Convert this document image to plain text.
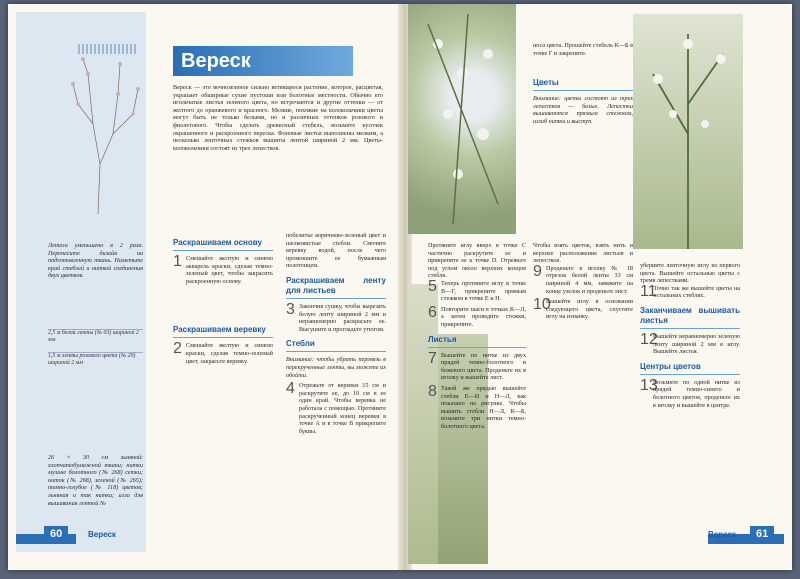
Летела уменьшено в 2 раза. Перенесите дизайн на подготовленную ткань. Наметьте край стеблей и ниткой соединения двух цветков.
2,5 м белой ленты (№ 03) шириной 2 мм
1,5 м ленты розового цвета (№ 20) шириной 2 мм
26 × 30 см льняной/хлопчатобумажной ткани; нитки мулине болотного (№ 268) сетки; ниток (№ 268), зеленой (№ 265); темно-голубое (№ 118) цветов; льняная и так нитки; игла для вышивания лентой №
Вереск
Вереск — это вечнозеленое сильно ветвящееся растение, которое, расцветая, украшает обширные сухие пустоши или болотные местности. Обычно его игольчатые листья зеленого цвета, но встречаются и другие оттенки — от желтого до оранжевого и красного. Мелкие, похожие на колокольчики цветы могут быть не только белыми, но и различных оттенков розового и фиолетового. Чтобы сделать древесный стебель, возьмите кусочек окрашенного и раскроенного вереска. Фоновые листья выполнены мелким, а несколько ленточных стежков вышиты лентой шириной 2 мм. Цветы-колокольчики состоят из трех лепестков.
Раскрашиваем основу
1 Смешайте желтую и синюю акварель краски, сделав темно-зеленый цвет, чтобы закрасить раскроенную основу.
Раскрашиваем веревку
2 Смешайте желтую и синюю краски, сделав темно-зеленый цвет, закрасьте веревку.
побелитье коричнево-зеленый цвет и шелковистые стебли. Смочите веревку водой, после чего промокните ее бумажным полотенцем.
Раскрашиваем ленту для листьев
3 Закончив сушку, чтобы вырезать белую ленту шириной 2 мм и неравномерно раскрасьте ее. Высушите и прогладьте утюгом.
Стебли
Внимание: чтобы убрать перевязь в перекрученные ленты, вы можете их обойти.
4 Отрежьте от веревки 15 см и раскрутите ее, до 10 см в ее один край. Чтобы веревка не работала с помощью. Протяните раскрученный конец веревки в точке А и в точке В прикрепите буквы.
60	Вереск
носа цвета. Прошейте стебель К—Б в точке Г и закрепите.
Цветы
Внимание: цветы состоят из трех лепестков — белые. Лепестки вышиваются прямым стежком, изгиб нитки и выступ.
Протяните иглу вверх в точке С частично раскрутите ее и прикрепите ее к точке D. Отрежьте под углом около верхних концов стебля.
5 Теперь протяните иглу в точке В—Г, прикрепите прямым стежком в точке Е и Н.
6 Повторите шаги в точках К—Л, а затем проведите стежки, прикрепите.
Листья
7 Вышейте по нитке из двух прядей темно-болотного и бежевого цвета. Проденьте их в иголку и вышейте лист.
8 Такой же прядью вышейте стебли Е—И и Н—Л, как показано на рисунке. Чтобы вышить стебли Н—Л, К—Б, возьмите три нитки темно-болотного цвета.
Чтобы взять цветок, взять нить и верхнее расположение листьев и лепестков.
9 Проденьте в иголку № 18 отрезок белой ленты 33 см шириной 4 мм, завяжите на конце узелок и проденьте лист.
10
Вышейте иглу в основании следующего цвета, спустите иглу на изнанку.
убериите ленточную иглу из первого цвета. Вышейте остальные цветы с тремя лепестками.
11
Точно так же вышейте цветы на остальных стеблях.
Заканчиваем вышивать листья
12
Вышейте неравномерно зеленую ленту шириной 2 мм в иглу. Вышейте листья.
Центры цветов
13
Возьмите по одной нитке из прядей темно-синего и болотного цветов, проденьте их в иголку и вышейте в центре.
Вереск	61
